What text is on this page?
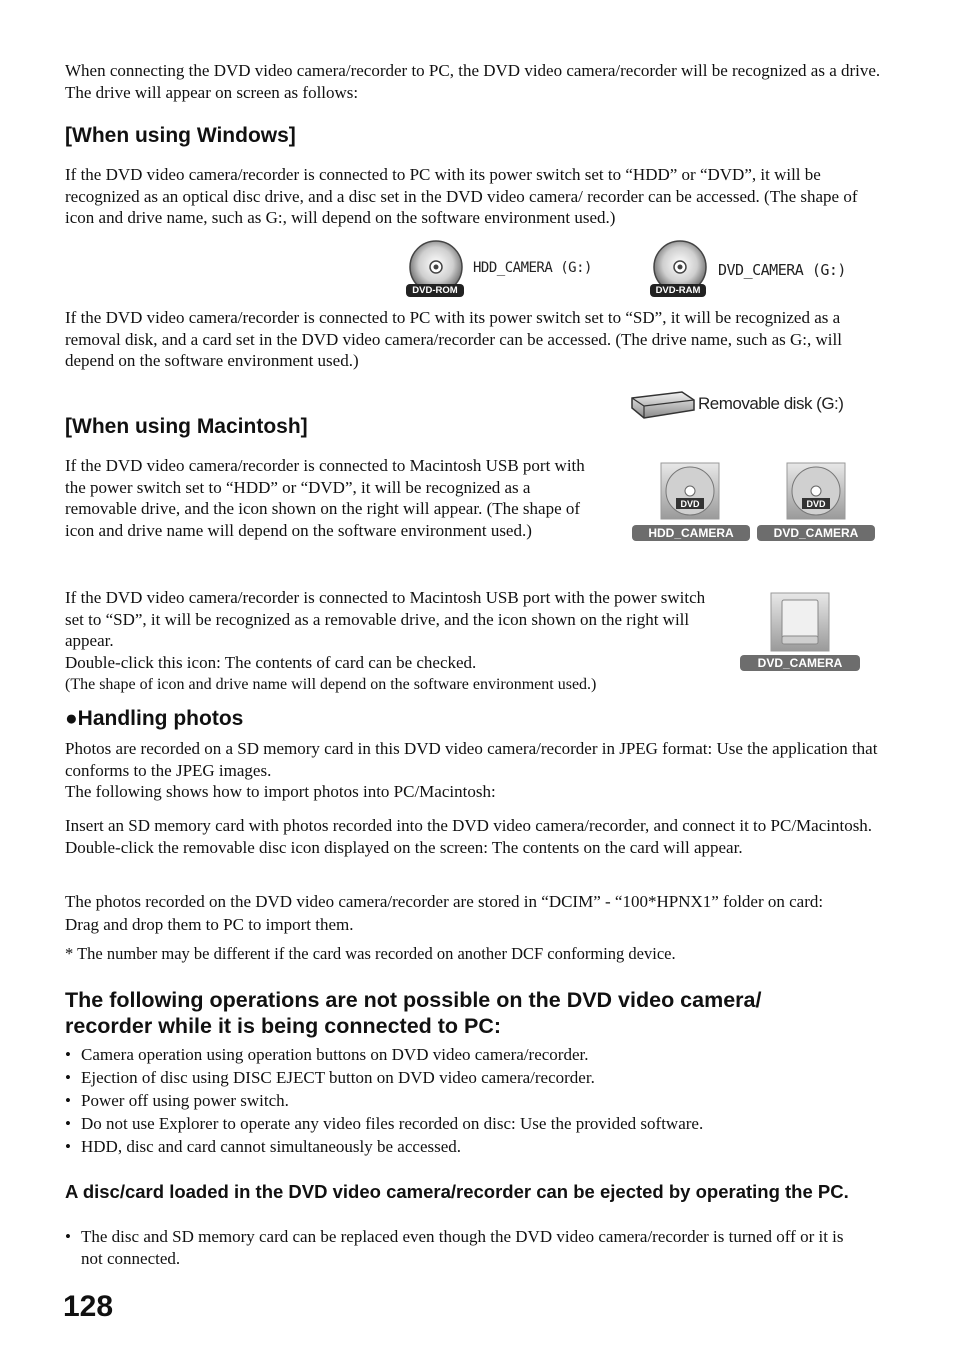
When connecting the DVD video camera/recorder to PC, the DVD video camera/recorder will be recognized as a drive. The drive will appear on screen as follows:

[When using Windows]

If the DVD video camera/recorder is connected to PC with its power switch set to “HDD” or “DVD”, it will be recognized as an optical disc drive, and a disc set in the DVD video camera/ recorder can be accessed. (The shape of icon and drive name, such as G:, will depend on the software environment used.)

DVD-ROM
HDD_CAMERA (G:)
DVD-RAM
DVD_CAMERA (G:)

If the DVD video camera/recorder is connected to PC with its power switch set to “SD”, it will be recognized as a removal disk, and a card set in the DVD video camera/recorder can be accessed. (The drive name, such as G:, will depend on the software environment used.)

Removable disk (G:)
[When using Macintosh]

If the DVD video camera/recorder is connected to Macintosh USB port with the power switch set to “HDD” or “DVD”, it will be recognized as a removable drive, and the icon shown on the right will appear. (The shape of icon and drive name will depend on the software environment used.)

DVD
HDD_CAMERA
DVD
DVD_CAMERA

If the DVD video camera/recorder is connected to Macintosh USB port with the power switch set to “SD”, it will be recognized as a removable drive, and the icon shown on the right will appear.

Double-click this icon: The contents of card can be checked.

(The shape of icon and drive name will depend on the software environment used.)

DVD_CAMERA
●Handling photos

Photos are recorded on a SD memory card in this DVD video camera/recorder in JPEG format: Use the application that conforms to the JPEG images.

The following shows how to import photos into PC/Macintosh:

Insert an SD memory card with photos recorded into the DVD video camera/recorder, and connect it to PC/Macintosh. Double-click the removable disc icon displayed on the screen: The contents on the card will appear.

The photos recorded on the DVD video camera/recorder are stored in “DCIM” - “100*HPNX1” folder on card: Drag and drop them to PC to import them.

* The number may be different if the card was recorded on another DCF conforming device.

The following operations are not possible on the DVD video camera/ recorder while it is being connected to PC:
• Camera operation using operation buttons on DVD video camera/recorder.
• Ejection of disc using DISC EJECT button on DVD video camera/recorder.
• Power off using power switch.
• Do not use Explorer to operate any video files recorded on disc: Use the provided software.
• HDD, disc and card cannot simultaneously be accessed.
A disc/card loaded in the DVD video camera/recorder can be ejected by operating the PC.
• The disc and SD memory card can be replaced even though the DVD video camera/recorder is turned off or it is not connected.
128
